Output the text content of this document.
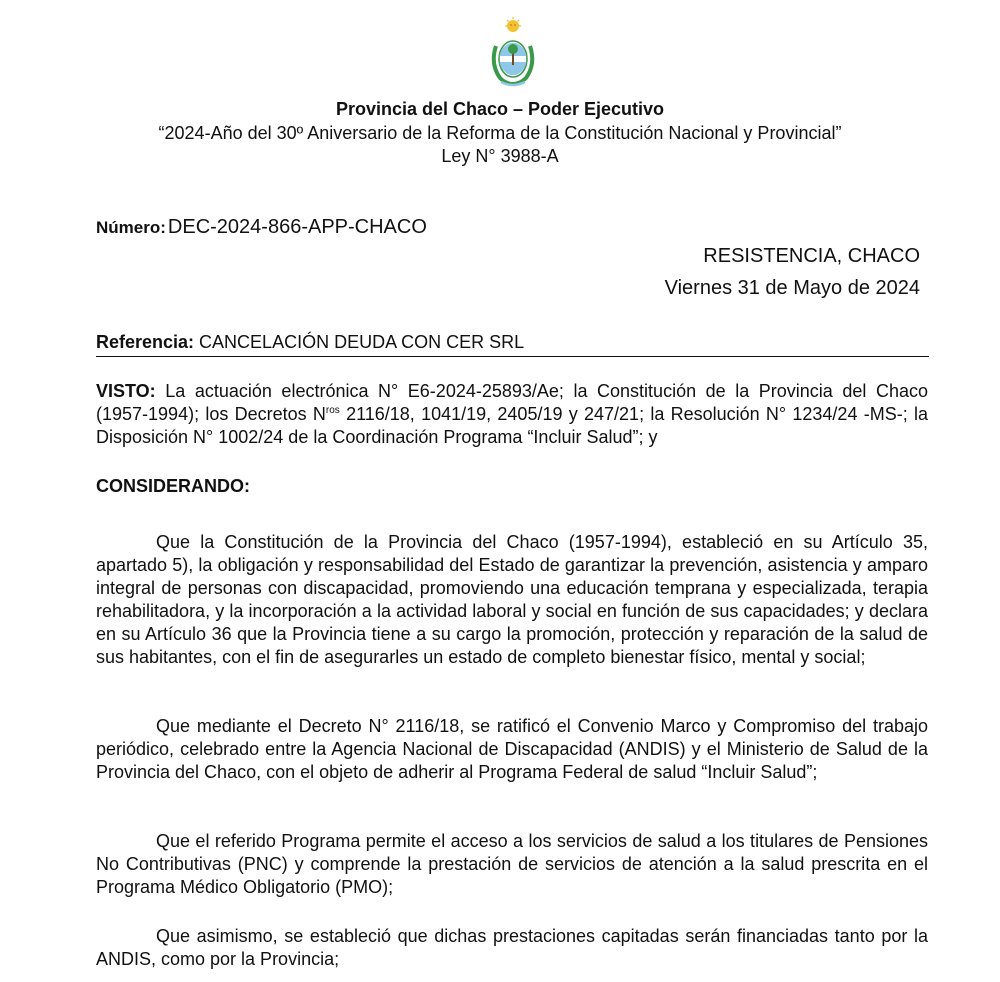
Provincia del Chaco – Poder Ejecutivo
“2024-Año del 30º Aniversario de la Reforma de la Constitución Nacional y Provincial”
Ley N° 3988-A
Número: DEC-2024-866-APP-CHACO
RESISTENCIA, CHACO
Viernes 31 de Mayo de 2024
Referencia: CANCELACIÓN DEUDA CON CER SRL

VISTO: La actuación electrónica N° E6-2024-25893/Ae; la Constitución de la Provincia del Chaco (1957-1994); los Decretos $N^{ros}$ 2116/18, 1041/19, 2405/19 y 247/21; la Resolución N° 1234/24 -MS-; la Disposición N° 1002/24 de la Coordinación Programa “Incluir Salud”; y

CONSIDERANDO:

Que la Constitución de la Provincia del Chaco (1957-1994), estableció en su Artículo 35, apartado 5), la obligación y responsabilidad del Estado de garantizar la prevención, asistencia y amparo integral de personas con discapacidad, promoviendo una educación temprana y especializada, terapia rehabilitadora, y la incorporación a la actividad laboral y social en función de sus capacidades; y declara en su Artículo 36 que la Provincia tiene a su cargo la promoción, protección y reparación de la salud de sus habitantes, con el fin de asegurarles un estado de completo bienestar físico, mental y social;

Que mediante el Decreto N° 2116/18, se ratificó el Convenio Marco y Compromiso del trabajo periódico, celebrado entre la Agencia Nacional de Discapacidad (ANDIS) y el Ministerio de Salud de la Provincia del Chaco, con el objeto de adherir al Programa Federal de salud “Incluir Salud”;

Que el referido Programa permite el acceso a los servicios de salud a los titulares de Pensiones No Contributivas (PNC) y comprende la prestación de servicios de atención a la salud prescrita en el Programa Médico Obligatorio (PMO);

Que asimismo, se estableció que dichas prestaciones capitadas serán financiadas tanto por la ANDIS, como por la Provincia;
